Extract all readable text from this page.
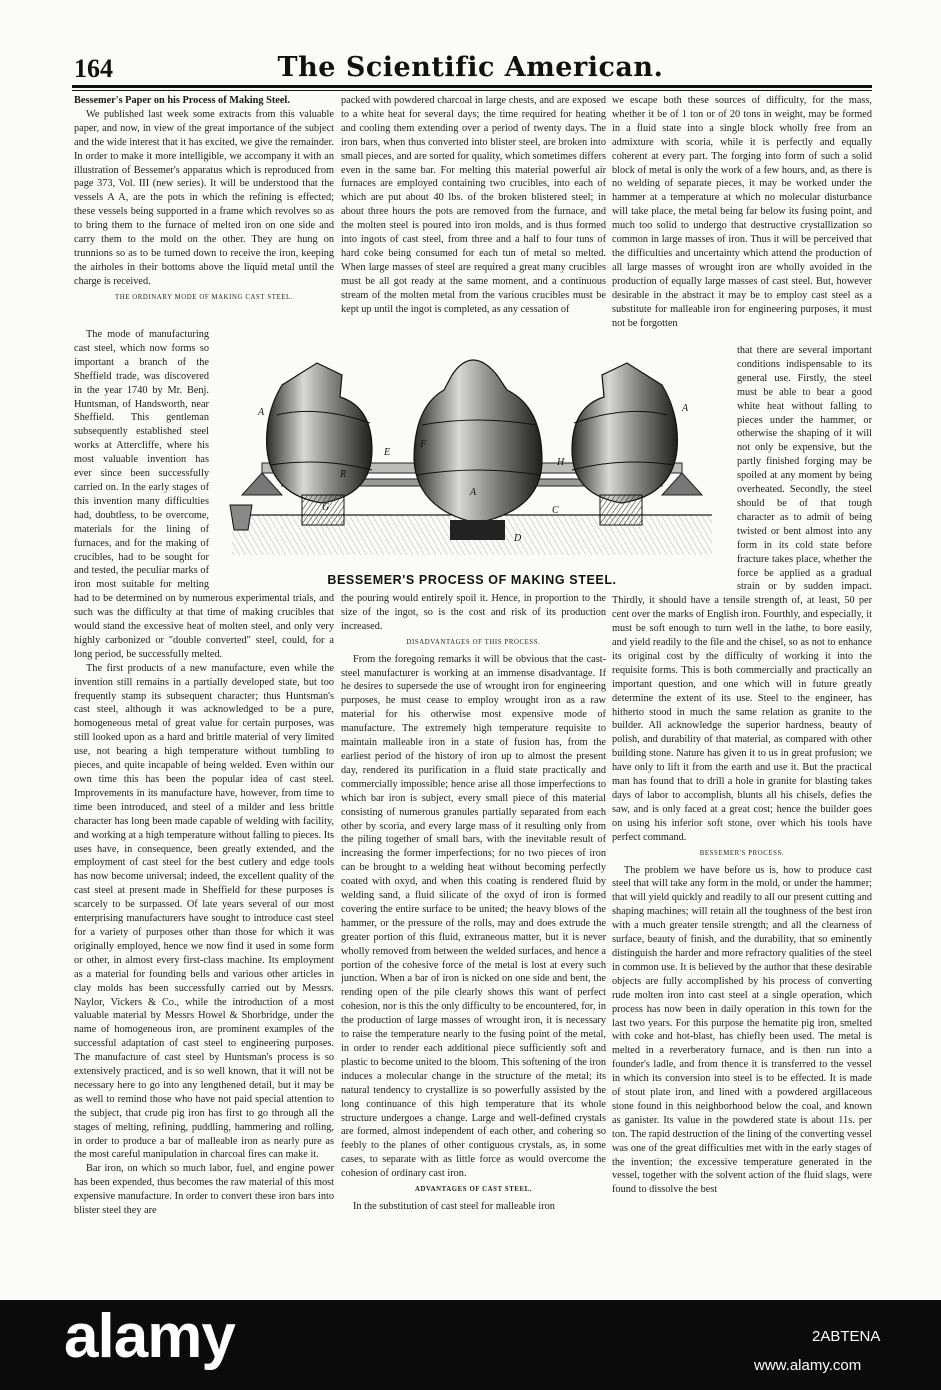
164	The Scientific American.

Bessemer's Paper on his Process of Making Steel.

We published last week some extracts from this valuable paper, and now, in view of the great importance of the subject and the wide interest that it has excited, we give the remainder. In order to make it more intelligible, we accompany it with an illustration of Bessemer's apparatus which is reproduced from page 373, Vol. III (new series). It will be understood that the vessels A A, are the pots in which the refining is effected; these vessels being supported in a frame which revolves so as to bring them to the furnace of melted iron on one side and carry them to the mold on the other. They are hung on trunnions so as to be turned down to receive the iron, keeping the airholes in their bottoms above the liquid metal until the charge is received.

THE ORDINARY MODE OF MAKING CAST STEEL.

The mode of manufacturing cast steel, which now forms so important a branch of the Sheffield trade, was discovered in the year 1740 by Mr. Benj. Huntsman, of Handsworth, near Sheffield. This gentleman subsequently established steel works at Attercliffe, where his most valuable invention has ever since been successfully carried on. In the early stages of this invention many difficulties had, doubtless, to be overcome, materials for the lining of furnaces, and for the making of crucibles, had to be sought for and tested, the peculiar marks of iron most suitable for melting had to be determined on by numerous experimental trials, and such was the difficulty at that time of making crucibles that would stand the excessive heat of molten steel, and only very highly carbonized or "double converted" steel, could, for a long period, be successfully melted.

The first products of a new manufacture, even while the invention still remains in a partially developed state, but too frequently stamp its subsequent character; thus Huntsman's cast steel, although it was acknowledged to be a pure, homogeneous metal of great value for certain purposes, was still looked upon as a hard and brittle material of very limited use, not bearing a high temperature without tumbling to pieces, and quite incapable of being welded. Even within our own time this has been the popular idea of cast steel. Improvements in its manufacture have, however, from time to time been introduced, and steel of a milder and less brittle character has long been made capable of welding with facility, and working at a high temperature without falling to pieces. Its uses have, in consequence, been greatly extended, and the employment of cast steel for the best cutlery and edge tools has now become universal; indeed, the excellent quality of the cast steel at present made in Sheffield for these purposes is scarcely to be surpassed. Of late years several of our most enterprising manufacturers have sought to introduce cast steel for a variety of purposes other than those for which it was originally employed, hence we now find it used in some form or other, in almost every first-class machine. Its employment as a material for founding bells and various other articles in clay molds has been successfully carried out by Messrs. Naylor, Vickers & Co., while the introduction of a most valuable material by Messrs Howel & Shorbridge, under the name of homogeneous iron, are prominent examples of the successful adaptation of cast steel to engineering purposes. The manufacture of cast steel by Huntsman's process is so extensively practiced, and is so well known, that it will not be necessary here to go into any lengthened detail, but it may be as well to remind those who have not paid special attention to the subject, that crude pig iron has first to go through all the stages of melting, refining, puddling, hammering and rolling, in order to produce a bar of malleable iron as nearly pure as the most careful manipulation in charcoal fires can make it.

Bar iron, on which so much labor, fuel, and engine power has been expended, thus becomes the raw material of this most expensive manufacture. In order to convert these iron bars into blister steel they are

packed with powdered charcoal in large chests, and are exposed to a white heat for several days; the time required for heating and cooling them extending over a period of twenty days. The iron bars, when thus converted into blister steel, are broken into small pieces, and are sorted for quality, which sometimes differs even in the same bar. For melting this material powerful air furnaces are employed containing two crucibles, into each of which are put about 40 lbs. of the broken blistered steel; in about three hours the pots are removed from the furnace, and the molten steel is poured into iron molds, and is thus formed into ingots of cast steel, from three and a half to four tuns of hard coke being consumed for each tun of metal so melted. When large masses of steel are required a great many crucibles must be all got ready at the same moment, and a continuous stream of the molten metal from the various crucibles must be kept up until the ingot is completed, as any cessation of

the pouring would entirely spoil it. Hence, in proportion to the size of the ingot, so is the cost and risk of its production increased.

DISADVANTAGES OF THIS PROCESS.

From the foregoing remarks it will be obvious that the cast-steel manufacturer is working at an immense disadvantage. If he desires to supersede the use of wrought iron for engineering purposes, he must cease to employ wrought iron as a raw material for his otherwise most expensive mode of manufacture. The extremely high temperature requisite to maintain malleable iron in a state of fusion has, from the earliest period of the history of iron up to almost the present day, rendered its purification in a fluid state practically and commercially impossible; hence arise all those imperfections to which bar iron is subject, every small piece of this material consisting of numerous granules partially separated from each other by scoria, and every large mass of it resulting only from the piling together of small bars, with the inevitable result of increasing the former imperfections; for no two pieces of iron can be brought to a welding heat without becoming perfectly coated with oxyd, and when this coating is rendered fluid by welding sand, a fluid silicate of the oxyd of iron is formed covering the entire surface to be united; the heavy blows of the hammer, or the pressure of the rolls, may and does extrude the greater portion of this fluid, extraneous matter, but it is never wholly removed from between the welded surfaces, and hence a portion of the cohesive force of the metal is lost at every such junction. When a bar of iron is nicked on one side and bent, the rending open of the pile clearly shows this want of perfect cohesion, nor is this the only difficulty to be encountered, for, in the production of large masses of wrought iron, it is necessary to raise the temperature nearly to the fusing point of the metal, in order to render each additional piece sufficiently soft and plastic to become united to the bloom. This softening of the iron induces a molecular change in the structure of the metal; its natural tendency to crystallize is so powerfully assisted by the long continuance of this high temperature that its whole structure undergoes a change. Large and well-defined crystals are formed, almost independent of each other, and cohering so feebly to the planes of other contiguous crystals, as, in some cases, to separate with as little force as would overcome the cohesion of ordinary cast iron.

ADVANTAGES OF CAST STEEL.

In the substitution of cast steel for malleable iron

we escape both these sources of difficulty, for the mass, whether it be of 1 ton or of 20 tons in weight, may be formed in a fluid state into a single block wholly free from an admixture with scoria, while it is perfectly and equally coherent at every part. The forging into form of such a solid block of metal is only the work of a few hours, and, as there is no welding of separate pieces, it may be worked under the hammer at a temperature at which no molecular disturbance will take place, the metal being far below its fusing point, and much too solid to undergo that destructive crystallization so common in large masses of iron. Thus it will be perceived that the difficulties and uncertainty which attend the production of all large masses of wrought iron are wholly avoided in the production of equally large masses of cast steel. But, however desirable in the abstract it may be to employ cast steel as a substitute for malleable iron for engineering purposes, it must not be forgotten

that there are several important conditions indispensable to its general use. Firstly, the steel must be able to bear a good white heat without falling to pieces under the hammer, or otherwise the shaping of it will not only be expensive, but the partly finished forging may be spoiled at any moment by being overheated. Secondly, the steel should be of that tough character as to admit of being twisted or bent almost into any form in its cold state before fracture takes place, whether the force be applied as a gradual strain or by sudden impact. Thirdly, it should have a tensile strength of, at least, 50 per cent over the marks of English iron. Fourthly, and especially, it must be soft enough to turn well in the lathe, to bore easily, and yield readily to the file and the chisel, so as not to enhance its original cost by the difficulty of working it into the requisite forms. This is both commercially and practically an important question, and one which will in future greatly determine the extent of its use. Steel to the engineer, has hitherto stood in much the same relation as granite to the builder. All acknowledge the superior hardness, beauty of polish, and durability of that material, as compared with other building stone. Nature has given it to us in great profusion; we have only to lift it from the earth and use it. But the practical man has found that to drill a hole in granite for blasting takes days of labor to accomplish, blunts all his chisels, defies the saw, and is only faced at a great cost; hence the builder goes on using his inferior soft stone, over which his tools have perfect command.

BESSEMER'S PROCESS.

The problem we have before us is, how to produce cast steel that will take any form in the mold, or under the hammer; that will yield quickly and readily to all our present cutting and shaping machines; will retain all the toughness of the best iron with a much greater tensile strength; and all the clearness of surface, beauty of finish, and the durability, that so eminently distinguish the harder and more refractory qualities of the steel in common use. It is believed by the author that these desirable objects are fully accomplished by his process of converting rude molten iron into cast steel at a single operation, which process has now been in daily operation in this town for the last two years. For this purpose the hematite pig iron, smelted with coke and hot-blast, has chiefly been used. The metal is melted in a reverberatory furnace, and is then run into a founder's ladle, and from thence it is transferred to the vessel in which its conversion into steel is to be effected. It is made of stout plate iron, and lined with a powdered argillaceous stone found in this neighborhood below the coal, and known as ganister. Its value in the powdered state is about 11s. per ton. The rapid destruction of the lining of the converting vessel was one of the great difficulties met with in the early stages of the invention; the excessive temperature generated in the vessel, together with the solvent action of the fluid slags, were found to dissolve the best

A
A
A
E
F
R
G	C
D
H
BESSEMER'S PROCESS OF MAKING STEEL.
alamy	2ABTENA
www.alamy.com
